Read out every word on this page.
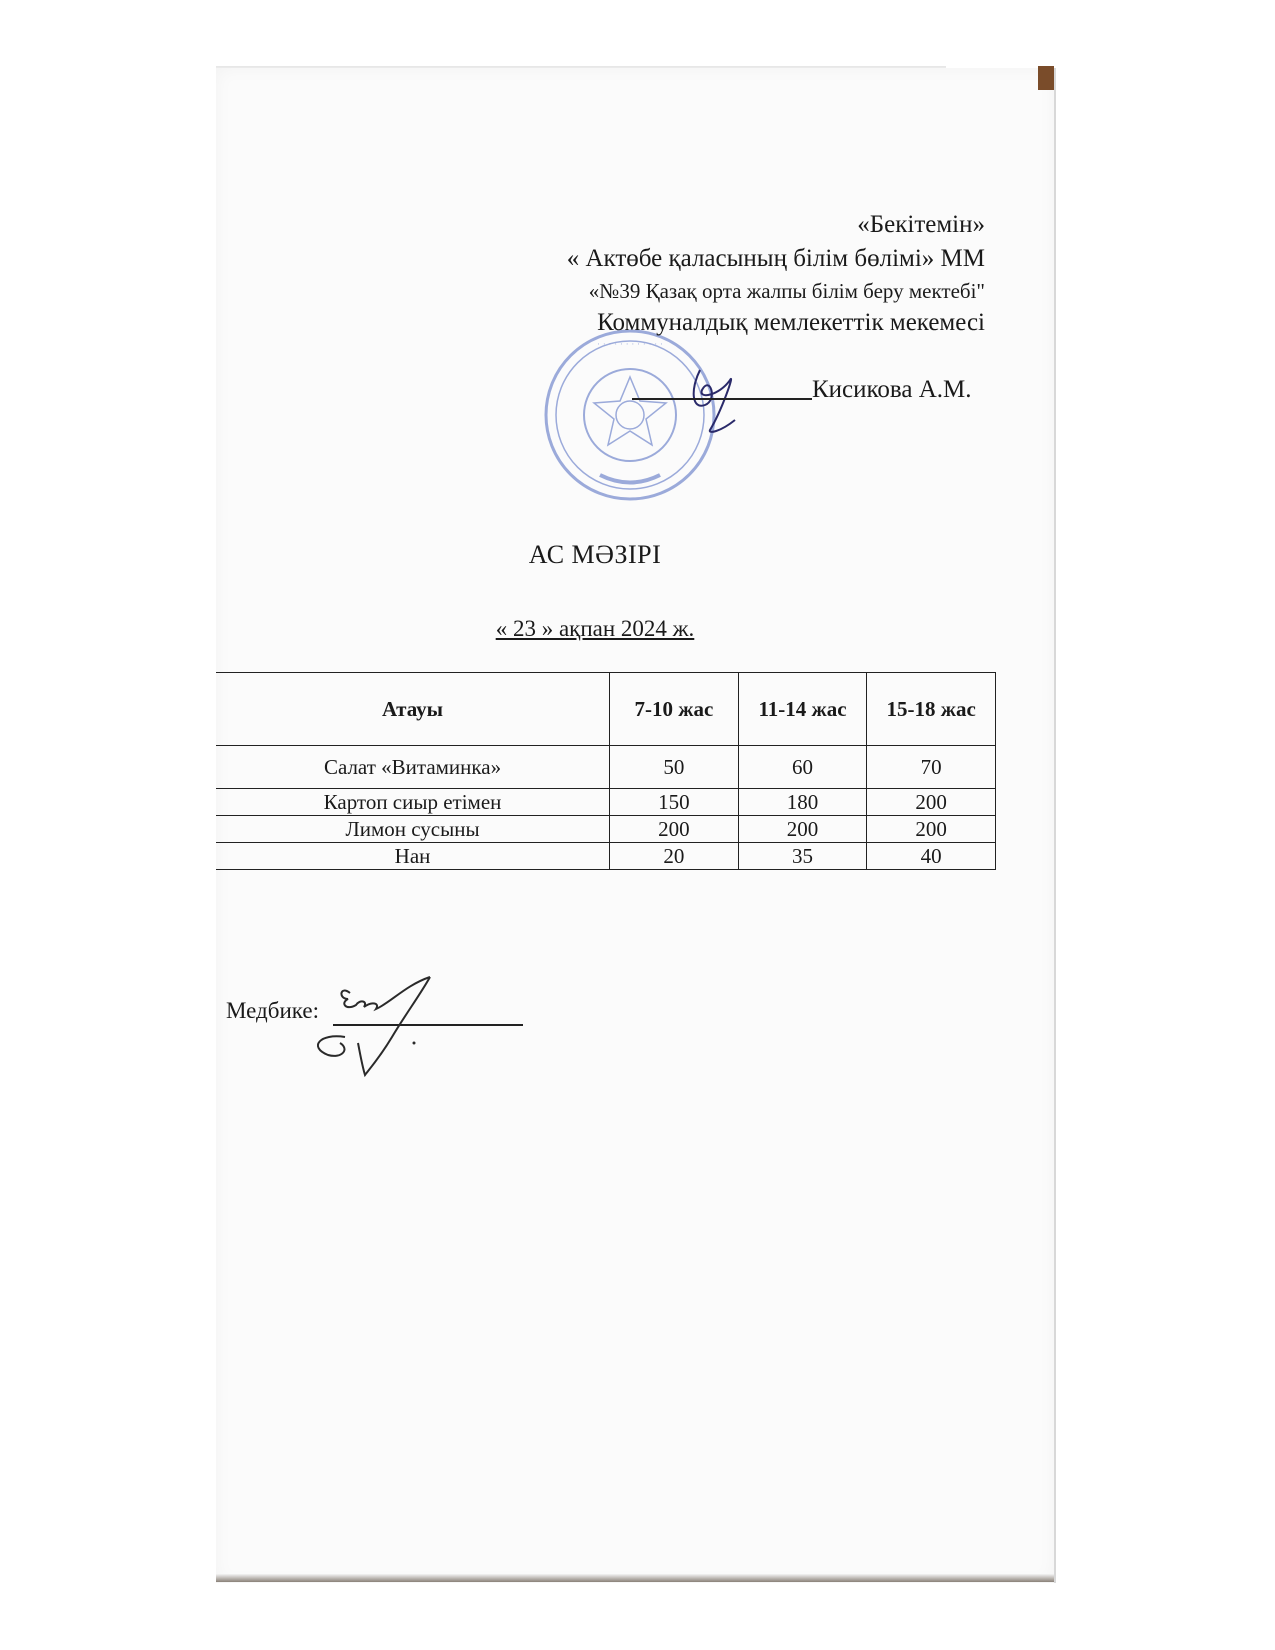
· · · · · · · · · · · ·
«Бекітемін»
« Актөбе қаласының білім бөлімі» ММ
«№39 Қазақ орта жалпы білім беру мектебі"
Коммуналдық мемлекеттік мекемесі
Кисикова А.М.
АС МӘЗІРІ
« 23 » ақпан 2024 ж.
Атауы	7-10 жас	11-14 жас	15-18 жас
Салат «Витаминка»	50	60	70
Картоп сиыр етімен	150	180	200
Лимон сусыны	200	200	200
Нан	20	35	40
Медбике:
